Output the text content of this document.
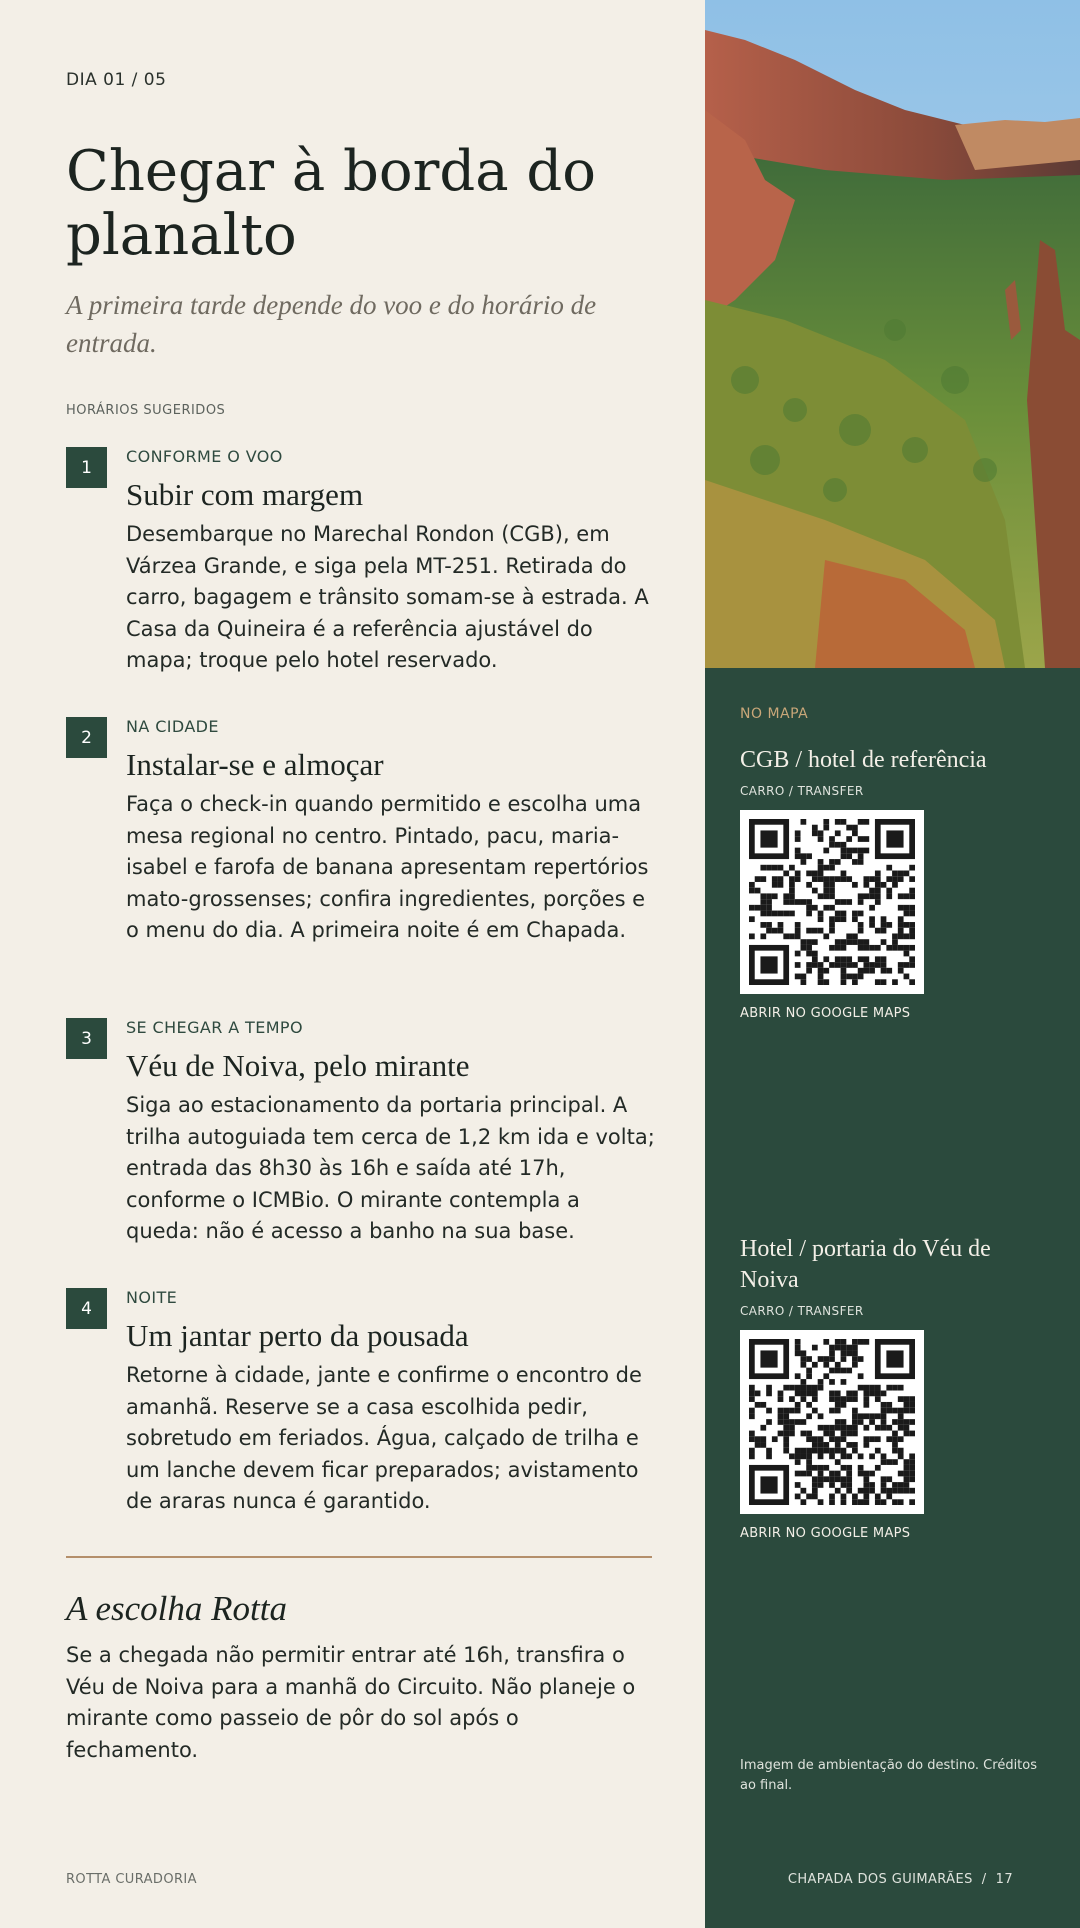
DIA 01 / 05
Chegar à borda do planalto
A primeira tarde depende do voo e do horário de entrada.
HORÁRIOS SUGERIDOS
1
CONFORME O VOO
Subir com margem
Desembarque no Marechal Rondon (CGB), em Várzea Grande, e siga pela MT-251. Retirada do carro, bagagem e trânsito somam-se à estrada. A Casa da Quineira é a referência ajustável do mapa; troque pelo hotel reservado.
2
NA CIDADE
Instalar-se e almoçar
Faça o check-in quando permitido e escolha uma mesa regional no centro. Pintado, pacu, maria-isabel e farofa de banana apresentam repertórios mato-grossenses; confira ingredientes, porções e o menu do dia. A primeira noite é em Chapada.
3
SE CHEGAR A TEMPO
Véu de Noiva, pelo mirante
Siga ao estacionamento da portaria principal. A trilha autoguiada tem cerca de 1,2 km ida e volta; entrada das 8h30 às 16h e saída até 17h, conforme o ICMBio. O mirante contempla a queda: não é acesso a banho na sua base.
4
NOITE
Um jantar perto da pousada
Retorne à cidade, jante e confirme o encontro de amanhã. Reserve se a casa escolhida pedir, sobretudo em feriados. Água, calçado de trilha e um lanche devem ficar preparados; avistamento de araras nunca é garantido.
A escolha Rotta
Se a chegada não permitir entrar até 16h, transfira o Véu de Noiva para a manhã do Circuito. Não planeje o mirante como passeio de pôr do sol após o fechamento.
ROTTA CURADORIA
NO MAPA
CGB / hotel de referência
CARRO / TRANSFER
ABRIR NO GOOGLE MAPS
Hotel / portaria do Véu de Noiva
CARRO / TRANSFER
ABRIR NO GOOGLE MAPS
Imagem de ambientação do destino. Créditos ao final.
CHAPADA DOS GUIMARÃES  /  17
